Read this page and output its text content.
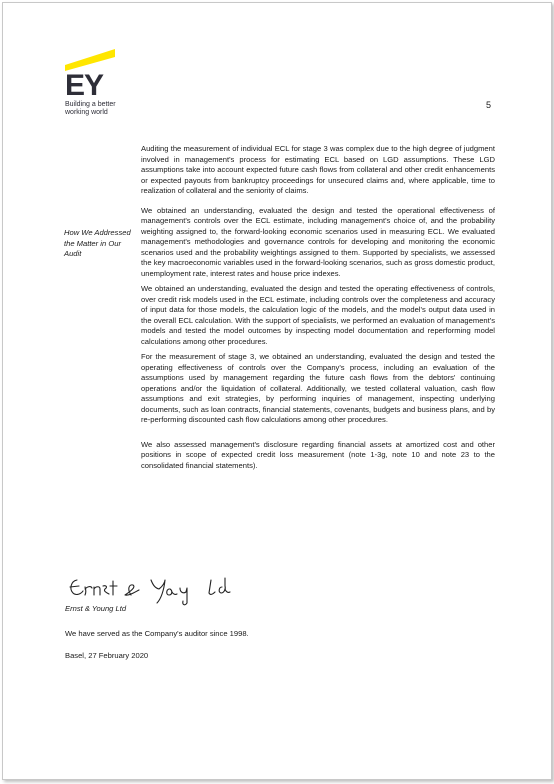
EY
Building a better
working world
5
How We Addressed the Matter in Our Audit

Auditing the measurement of individual ECL for stage 3 was complex due to the high degree of judgment involved in management's process for estimating ECL based on LGD assumptions. These LGD assumptions take into account expected future cash flows from collateral and other credit enhancements or expected payouts from bankruptcy proceedings for unsecured claims and, where applicable, time to realization of collateral and the seniority of claims.

We obtained an understanding, evaluated the design and tested the operational effectiveness of management's controls over the ECL estimate, including management's choice of, and the probability weighting assigned to, the forward-looking economic scenarios used in measuring ECL. We evaluated management's methodologies and governance controls for developing and monitoring the economic scenarios used and the probability weightings assigned to them. Supported by specialists, we assessed the key macroeconomic variables used in the forward-looking scenarios, such as gross domestic product, unemployment rate, interest rates and house price indexes.

We obtained an understanding, evaluated the design and tested the operating effectiveness of controls, over credit risk models used in the ECL estimate, including controls over the completeness and accuracy of input data for those models, the calculation logic of the models, and the model's output data used in the overall ECL calculation. With the support of specialists, we performed an evaluation of management's models and tested the model outcomes by inspecting model documentation and reperforming model calculations among other procedures.

For the measurement of stage 3, we obtained an understanding, evaluated the design and tested the operating effectiveness of controls over the Company's process, including an evaluation of the assumptions used by management regarding the future cash flows from the debtors' continuing operations and/or the liquidation of collateral. Additionally, we tested collateral valuation, cash flow assumptions and exit strategies, by performing inquiries of management, inspecting underlying documents, such as loan contracts, financial statements, covenants, budgets and business plans, and by re-performing discounted cash flow calculations among other procedures.

We also assessed management's disclosure regarding financial assets at amortized cost and other positions in scope of expected credit loss measurement (note 1-3g, note 10 and note 23 to the consolidated financial statements).

Ernst & Young Ltd
We have served as the Company's auditor since 1998.
Basel, 27 February 2020
